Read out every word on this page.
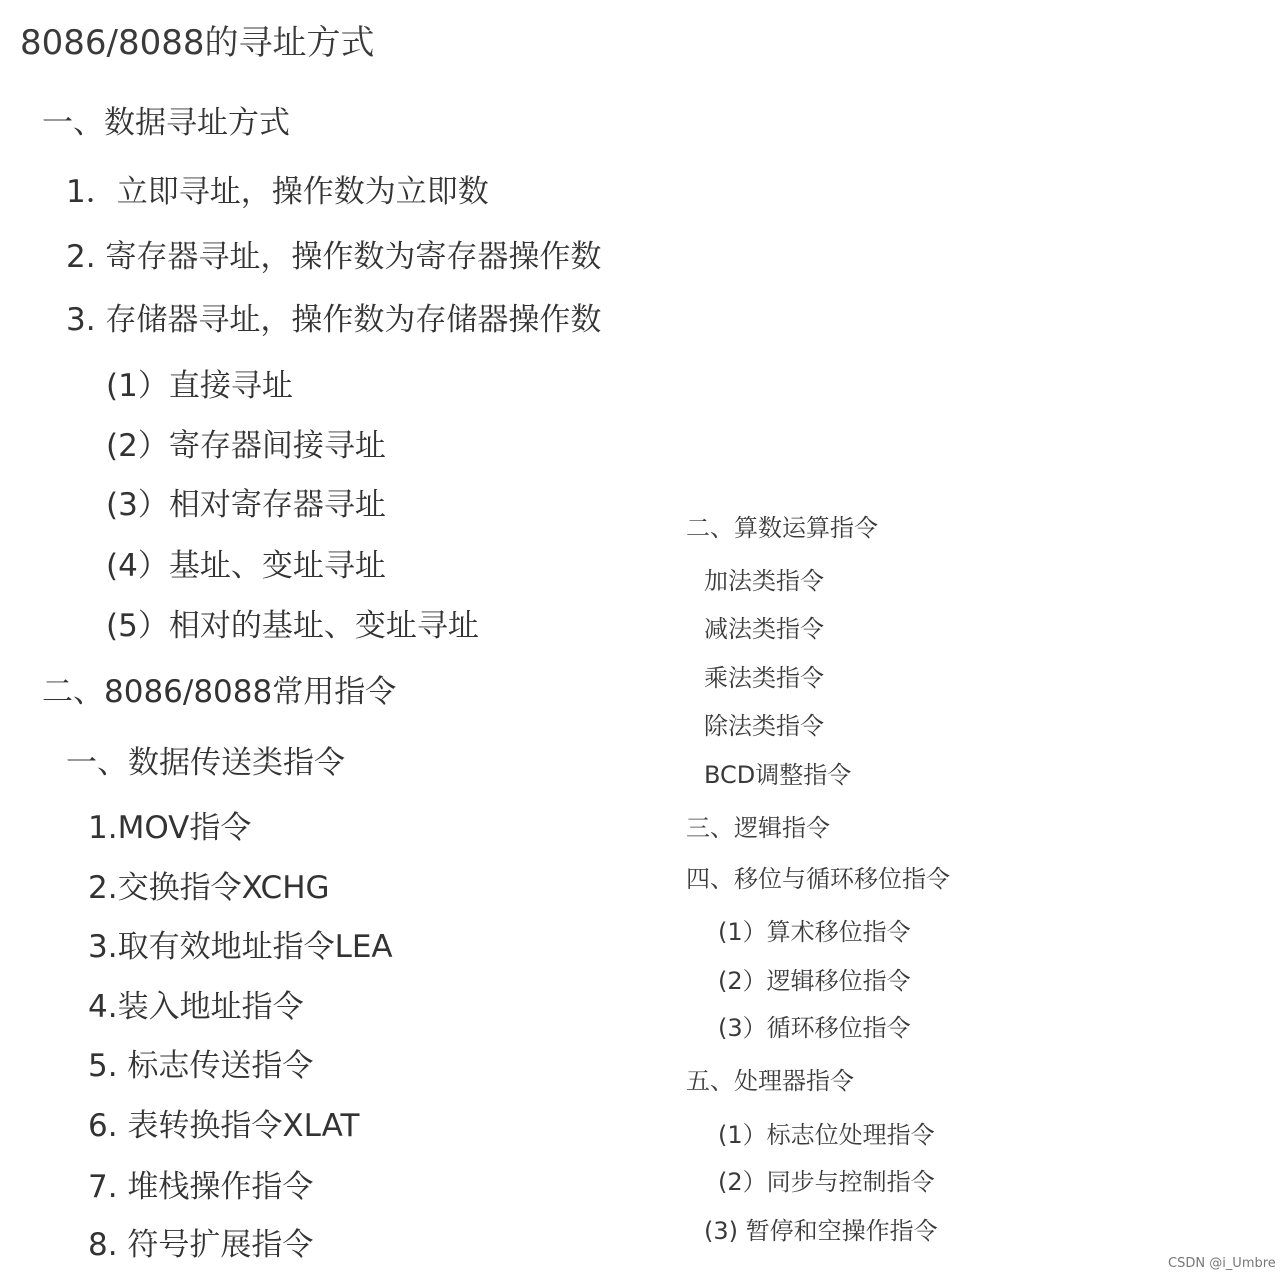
8086/8088的寻址方式
一、数据寻址方式
1．立即寻址，操作数为立即数
2. 寄存器寻址，操作数为寄存器操作数
3. 存储器寻址，操作数为存储器操作数
(1）直接寻址
(2）寄存器间接寻址
(3）相对寄存器寻址
(4）基址、变址寻址
(5）相对的基址、变址寻址
二、8086/8088常用指令
一、数据传送类指令
1.MOV指令
2.交换指令XCHG
3.取有效地址指令LEA
4.装入地址指令
5. 标志传送指令
6. 表转换指令XLAT
7. 堆栈操作指令
8. 符号扩展指令
二、算数运算指令
加法类指令
减法类指令
乘法类指令
除法类指令
BCD调整指令
三、逻辑指令
四、移位与循环移位指令
(1）算术移位指令
(2）逻辑移位指令
(3）循环移位指令
五、处理器指令
(1）标志位处理指令
(2）同步与控制指令
(3) 暂停和空操作指令
CSDN @i_Umbre
